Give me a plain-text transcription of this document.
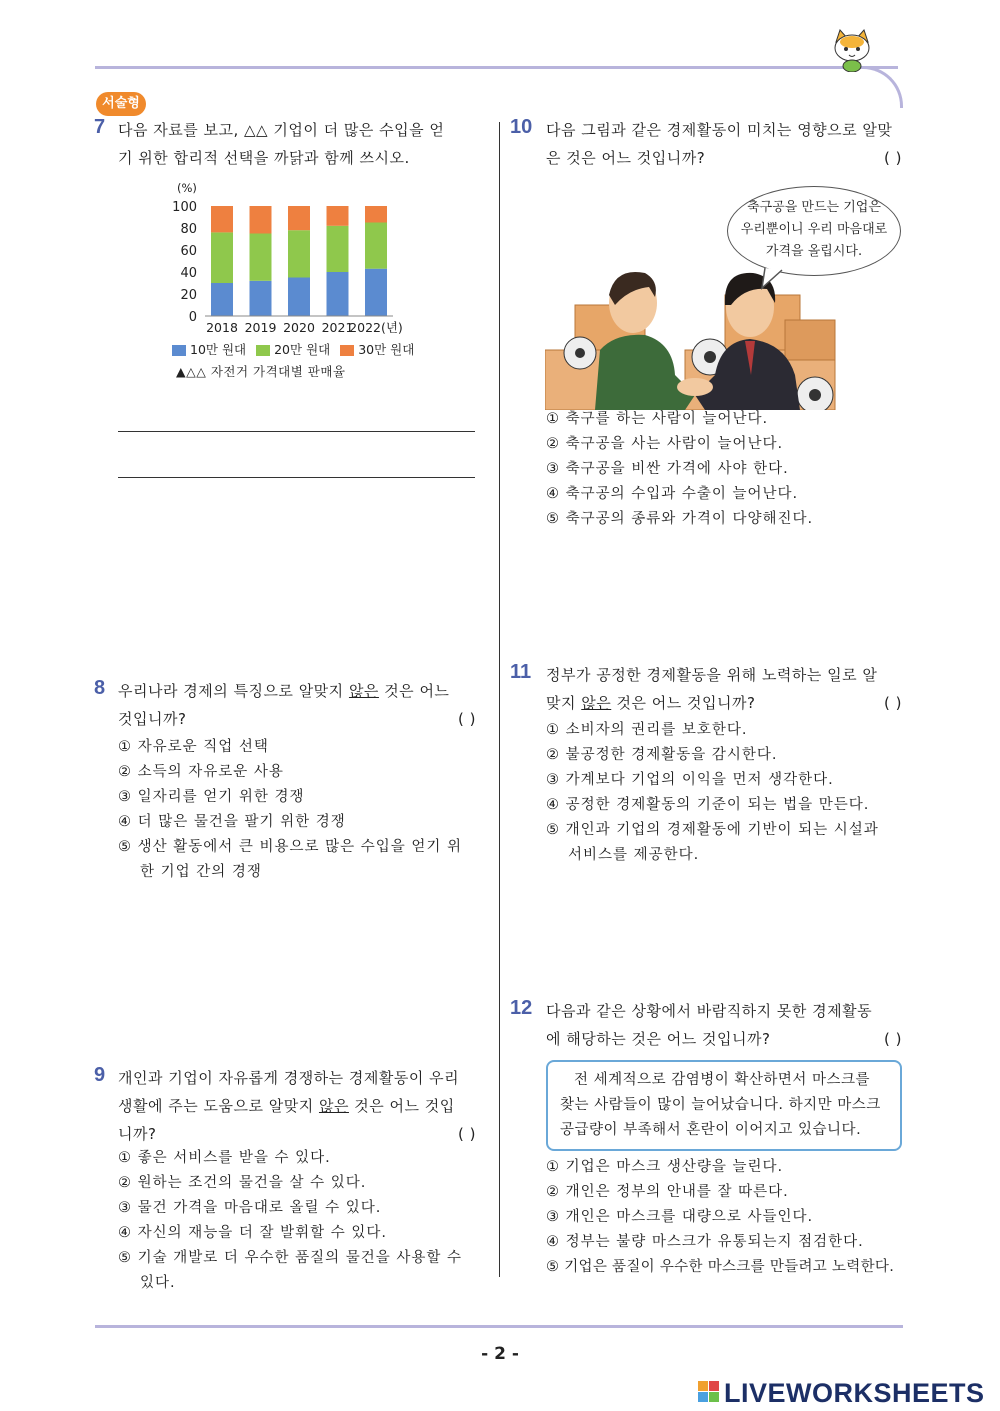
서술형
7 다음 자료를 보고, △△ 기업이 더 많은 수입을 얻
기 위한 합리적 선택을 까닭과 함께 쓰시오.
(%)
100
80
60
40
20
0
2018 2019 2020 2021
2022(년)
10만 원대 20만 원대 30만 원대
▲△△ 자전거 가격대별 판매율
8 우리나라 경제의 특징으로 알맞지 않은 것은 어느
것입니까?	( )
① 자유로운 직업 선택
② 소득의 자유로운 사용
③ 일자리를 얻기 위한 경쟁
④ 더 많은 물건을 팔기 위한 경쟁
⑤ 생산 활동에서 큰 비용으로 많은 수입을 얻기 위
한 기업 간의 경쟁
9 개인과 기업이 자유롭게 경쟁하는 경제활동이 우리
생활에 주는 도움으로 알맞지 않은 것은 어느 것입
니까?	( )
① 좋은 서비스를 받을 수 있다.
② 원하는 조건의 물건을 살 수 있다.
③ 물건 가격을 마음대로 올릴 수 있다.
④ 자신의 재능을 더 잘 발휘할 수 있다.
⑤ 기술 개발로 더 우수한 품질의 물건을 사용할 수
있다.
10 다음 그림과 같은 경제활동이 미치는 영향으로 알맞
은 것은 어느 것입니까?	( )
축구공을 만드는 기업은
우리뿐이니 우리 마음대로
가격을 올립시다.
① 축구를 하는 사람이 늘어난다.
② 축구공을 사는 사람이 늘어난다.
③ 축구공을 비싼 가격에 사야 한다.
④ 축구공의 수입과 수출이 늘어난다.
⑤ 축구공의 종류와 가격이 다양해진다.
11 정부가 공정한 경제활동을 위해 노력하는 일로 알
맞지 않은 것은 어느 것입니까?	( )
① 소비자의 권리를 보호한다.
② 불공정한 경제활동을 감시한다.
③ 가계보다 기업의 이익을 먼저 생각한다.
④ 공정한 경제활동의 기준이 되는 법을 만든다.
⑤ 개인과 기업의 경제활동에 기반이 되는 시설과
서비스를 제공한다.
12 다음과 같은 상황에서 바람직하지 못한 경제활동
에 해당하는 것은 어느 것입니까?	( )
전 세계적으로 감염병이 확산하면서 마스크를
찾는 사람들이 많이 늘어났습니다. 하지만 마스크
공급량이 부족해서 혼란이 이어지고 있습니다.
① 기업은 마스크 생산량을 늘린다.
② 개인은 정부의 안내를 잘 따른다.
③ 개인은 마스크를 대량으로 사들인다.
④ 정부는 불량 마스크가 유통되는지 점검한다.
⑤ 기업은 품질이 우수한 마스크를 만들려고 노력한다.
- 2 -
LIVEWORKSHEETS
